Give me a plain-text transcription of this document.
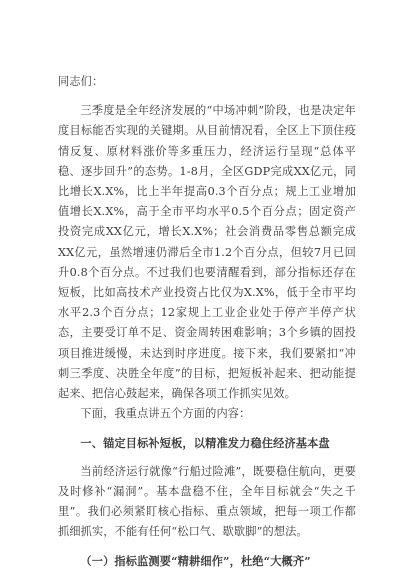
同志们：

三季度是全年经济发展的“中场冲刺”阶段，也是决定年度目标能否实现的关键期。从目前情况看，全区上下顶住疫情反复、原材料涨价等多重压力，经济运行呈现“总体平稳、逐步回升”的态势。1-8月，全区GDP完成XX亿元，同比增长X.X%，比上半年提高0.3个百分点；规上工业增加值增长X.X%，高于全市平均水平0.5个百分点；固定资产投资完成XX亿元，增长X.X%；社会消费品零售总额完成XX亿元，虽然增速仍滞后全市1.2个百分点，但较7月已回升0.8个百分点。不过我们也要清醒看到，部分指标还存在短板，比如高技术产业投资占比仅为X.X%，低于全市平均水平2.3个百分点；12家规上工业企业处于停产半停产状态，主要受订单不足、资金周转困难影响；3个乡镇的固投项目推进缓慢，未达到时序进度。接下来，我们要紧扣“冲刺三季度、决胜全年度”的目标，把短板补起来、把动能提起来、把信心鼓起来，确保各项工作抓实见效。

下面，我重点讲五个方面的内容：

一、锚定目标补短板，以精准发力稳住经济基本盘

当前经济运行就像“行船过险滩”，既要稳住航向，更要及时修补“漏洞”。基本盘稳不住，全年目标就会“失之千里”。我们必须紧盯核心指标、重点领域，把每一项工作都抓细抓实，不能有任何“松口气、歇歇脚”的想法。

（一）指标监测要“精耕细作”，杜绝“大概齐”
